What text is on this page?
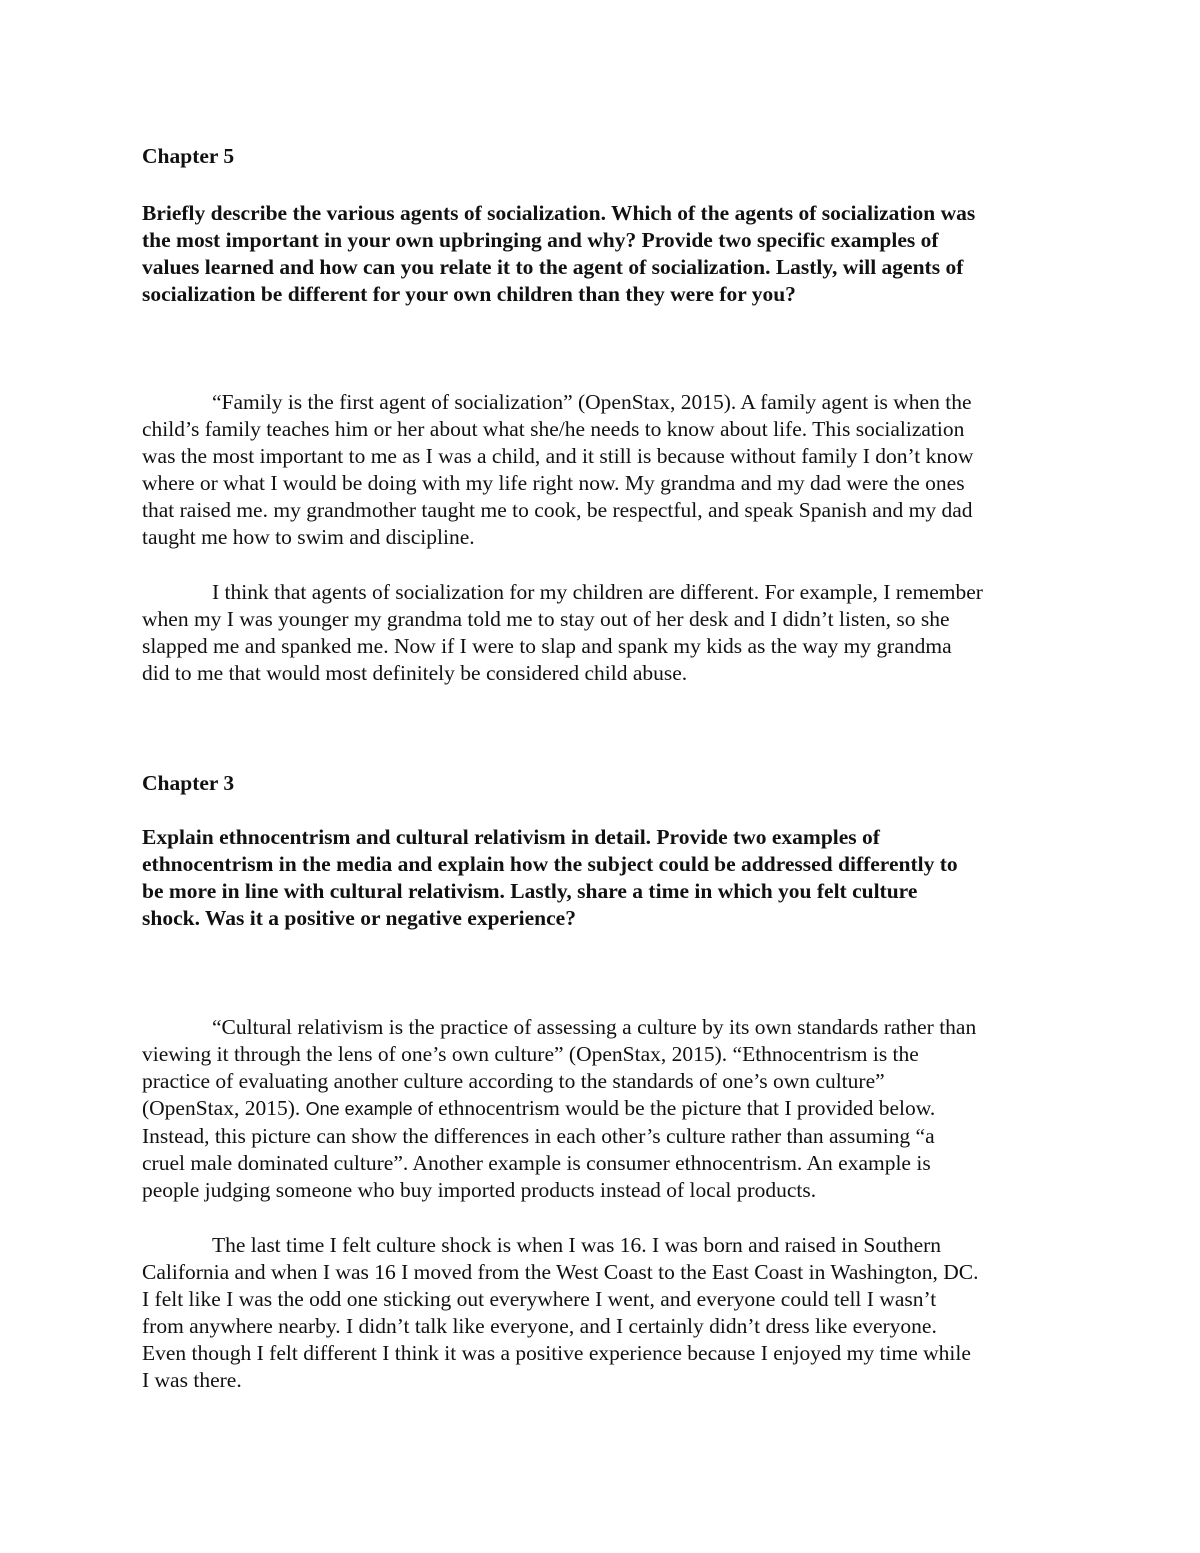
Chapter 5
Briefly describe the various agents of socialization. Which of the agents of socialization was
the most important in your own upbringing and why? Provide two specific examples of
values learned and how can you relate it to the agent of socialization. Lastly, will agents of
socialization be different for your own children than they were for you?
“Family is the first agent of socialization” (OpenStax, 2015). A family agent is when the
child’s family teaches him or her about what she/he needs to know about life. This socialization
was the most important to me as I was a child, and it still is because without family I don’t know
where or what I would be doing with my life right now. My grandma and my dad were the ones
that raised me. my grandmother taught me to cook, be respectful, and speak Spanish and my dad
taught me how to swim and discipline.
I think that agents of socialization for my children are different. For example, I remember
when my I was younger my grandma told me to stay out of her desk and I didn’t listen, so she
slapped me and spanked me. Now if I were to slap and spank my kids as the way my grandma
did to me that would most definitely be considered child abuse.
Chapter 3
Explain ethnocentrism and cultural relativism in detail. Provide two examples of
ethnocentrism in the media and explain how the subject could be addressed differently to
be more in line with cultural relativism. Lastly, share a time in which you felt culture
shock. Was it a positive or negative experience?
“Cultural relativism is the practice of assessing a culture by its own standards rather than
viewing it through the lens of one’s own culture” (OpenStax, 2015). “Ethnocentrism is the
practice of evaluating another culture according to the standards of one’s own culture”
(OpenStax, 2015). One example of ethnocentrism would be the picture that I provided below.
Instead, this picture can show the differences in each other’s culture rather than assuming “a
cruel male dominated culture”. Another example is consumer ethnocentrism. An example is
people judging someone who buy imported products instead of local products.
The last time I felt culture shock is when I was 16. I was born and raised in Southern
California and when I was 16 I moved from the West Coast to the East Coast in Washington, DC.
I felt like I was the odd one sticking out everywhere I went, and everyone could tell I wasn’t
from anywhere nearby. I didn’t talk like everyone, and I certainly didn’t dress like everyone.
Even though I felt different I think it was a positive experience because I enjoyed my time while
I was there.
